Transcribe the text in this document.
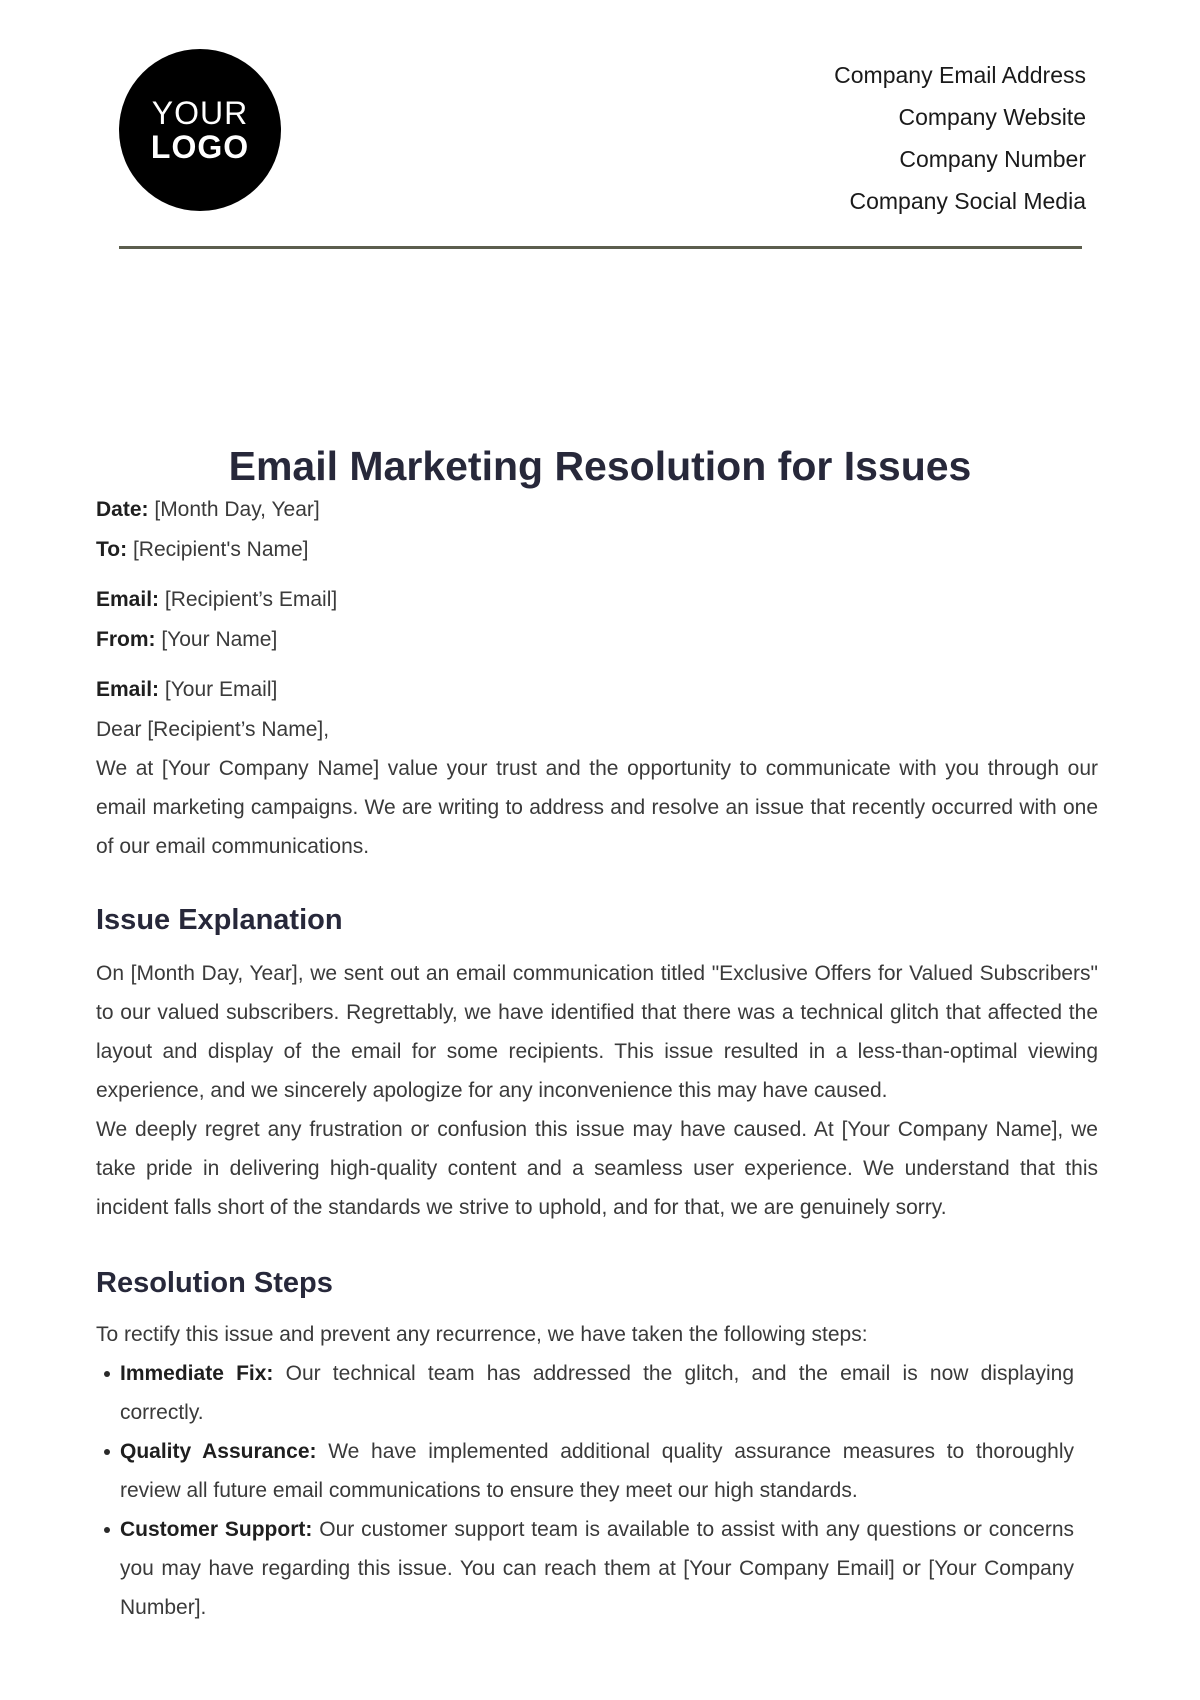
YOUR
LOGO
Company Email Address
Company Website
Company Number
Company Social Media
Email Marketing Resolution for Issues
Date: [Month Day, Year]
To: [Recipient's Name]
Email: [Recipient’s Email]
From: [Your Name]
Email: [Your Email]

Dear [Recipient’s Name],

We at [Your Company Name] value your trust and the opportunity to communicate with you through our email marketing campaigns. We are writing to address and resolve an issue that recently occurred with one of our email communications.

Issue Explanation

On [Month Day, Year], we sent out an email communication titled "Exclusive Offers for Valued Subscribers" to our valued subscribers. Regrettably, we have identified that there was a technical glitch that affected the layout and display of the email for some recipients. This issue resulted in a less-than-optimal viewing experience, and we sincerely apologize for any inconvenience this may have caused.

We deeply regret any frustration or confusion this issue may have caused. At [Your Company Name], we take pride in delivering high-quality content and a seamless user experience. We understand that this incident falls short of the standards we strive to uphold, and for that, we are genuinely sorry.

Resolution Steps

To rectify this issue and prevent any recurrence, we have taken the following steps:

Immediate Fix: Our technical team has addressed the glitch, and the email is now displaying correctly.
Quality Assurance: We have implemented additional quality assurance measures to thoroughly review all future email communications to ensure they meet our high standards.
Customer Support: Our customer support team is available to assist with any questions or concerns you may have regarding this issue. You can reach them at [Your Company Email] or [Your Company Number].
